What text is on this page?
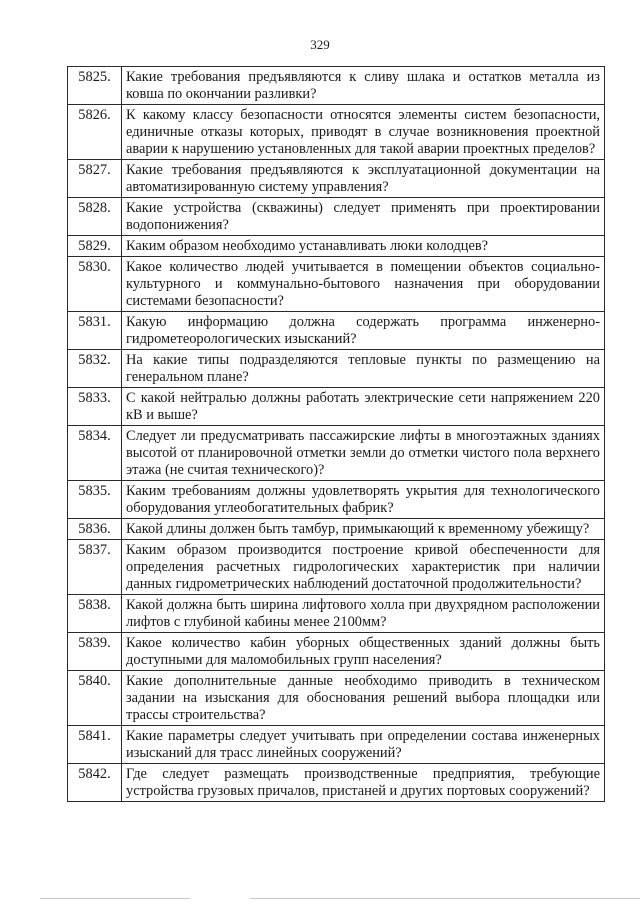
329
5825.	Какие требования предъявляются к сливу шлака и остатков металла из ковша по окончании разливки?
5826.	К какому классу безопасности относятся элементы систем безопасности, единичные отказы которых, приводят в случае возникновения проектной аварии к нарушению установленных для такой аварии проектных пределов?
5827.	Какие требования предъявляются к эксплуатационной документации на автоматизированную систему управления?
5828.	Какие устройства (скважины) следует применять при проектировании водопонижения?
5829.	Каким образом необходимо устанавливать люки колодцев?
5830.	Какое количество людей учитывается в помещении объектов социально-культурного и коммунально-бытового назначения при оборудовании системами безопасности?
5831.	Какую информацию должна содержать программа инженерно-гидрометеорологических изысканий?
5832.	На какие типы подразделяются тепловые пункты по размещению на генеральном плане?
5833.	С какой нейтралью должны работать электрические сети напряжением 220 кВ и выше?
5834.	Следует ли предусматривать пассажирские лифты в многоэтажных зданиях высотой от планировочной отметки земли до отметки чистого пола верхнего этажа (не считая технического)?
5835.	Каким требованиям должны удовлетворять укрытия для технологического оборудования углеобогатительных фабрик?
5836.	Какой длины должен быть тамбур, примыкающий к временному убежищу?
5837.	Каким образом производится построение кривой обеспеченности для определения расчетных гидрологических характеристик при наличии данных гидрометрических наблюдений достаточной продолжительности?
5838.	Какой должна быть ширина лифтового холла при двухрядном расположении лифтов с глубиной кабины менее 2100мм?
5839.	Какое количество кабин уборных общественных зданий должны быть доступными для маломобильных групп населения?
5840.	Какие дополнительные данные необходимо приводить в техническом задании на изыскания для обоснования решений выбора площадки или трассы строительства?
5841.	Какие параметры следует учитывать при определении состава инженерных изысканий для трасс линейных сооружений?
5842.	Где следует размещать производственные предприятия, требующие устройства грузовых причалов, пристаней и других портовых сооружений?
